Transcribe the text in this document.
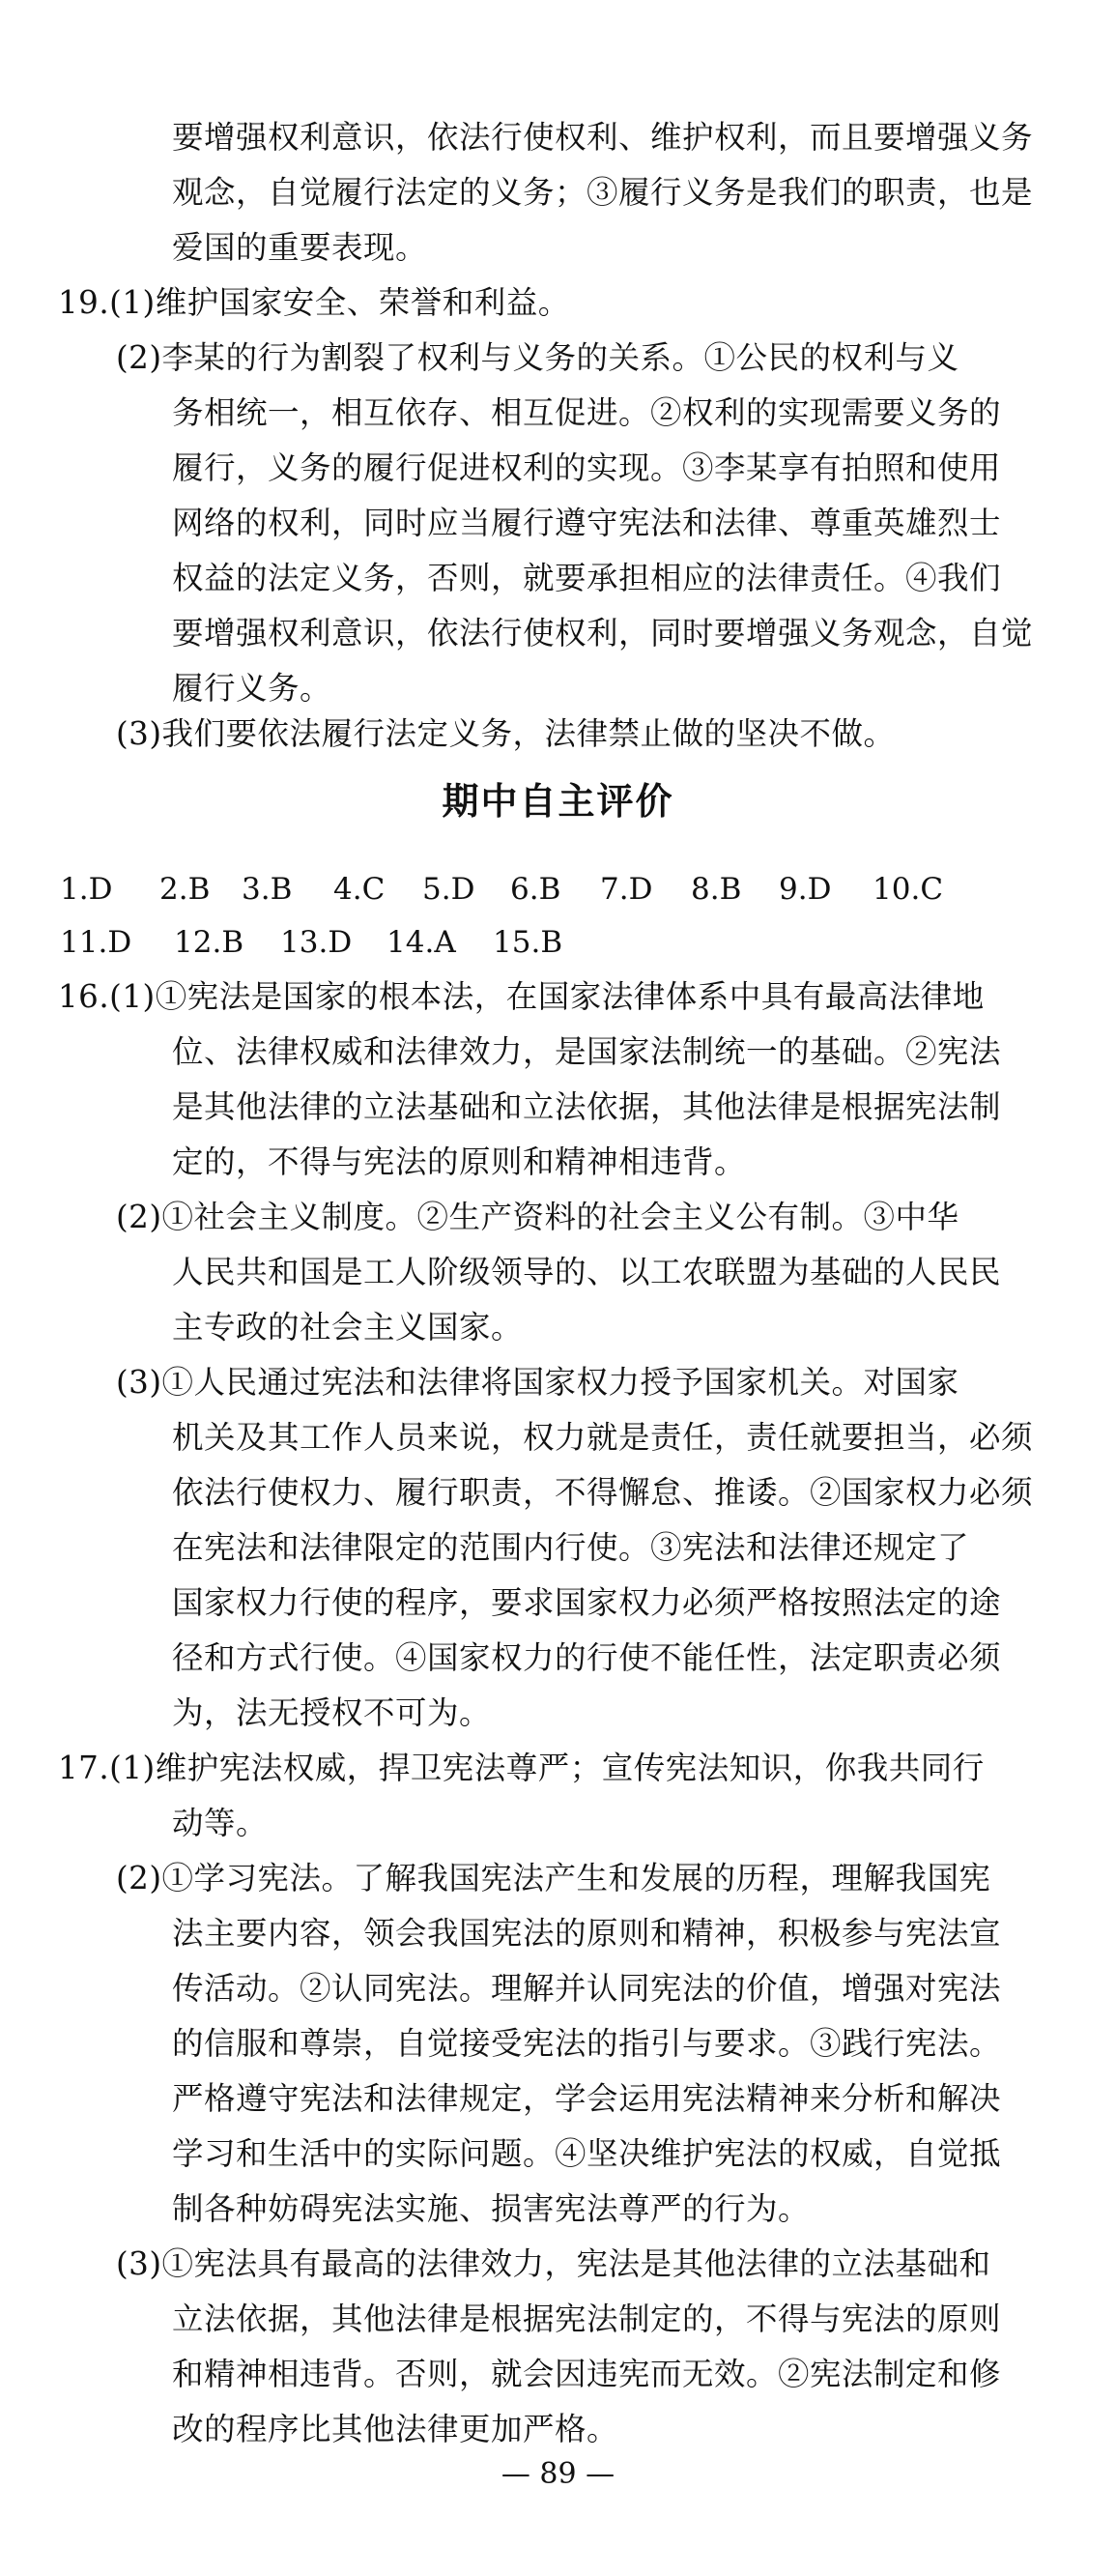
要增强权利意识，依法行使权利、维护权利，而且要增强义务
观念，自觉履行法定的义务；③履行义务是我们的职责，也是
爱国的重要表现。
19.(1)维护国家安全、荣誉和利益。
(2)李某的行为割裂了权利与义务的关系。①公民的权利与义
务相统一，相互依存、相互促进。②权利的实现需要义务的
履行，义务的履行促进权利的实现。③李某享有拍照和使用
网络的权利，同时应当履行遵守宪法和法律、尊重英雄烈士
权益的法定义务，否则，就要承担相应的法律责任。④我们
要增强权利意识，依法行使权利，同时要增强义务观念，自觉
履行义务。
(3)我们要依法履行法定义务，法律禁止做的坚决不做。
期中自主评价
1.D 2.B 3.B 4.C 5.D 6.B 7.D 8.B 9.D 10.C
11.D 12.B 13.D 14.A 15.B
16.(1)①宪法是国家的根本法，在国家法律体系中具有最高法律地
位、法律权威和法律效力，是国家法制统一的基础。②宪法
是其他法律的立法基础和立法依据，其他法律是根据宪法制
定的，不得与宪法的原则和精神相违背。
(2)①社会主义制度。②生产资料的社会主义公有制。③中华
人民共和国是工人阶级领导的、以工农联盟为基础的人民民
主专政的社会主义国家。
(3)①人民通过宪法和法律将国家权力授予国家机关。对国家
机关及其工作人员来说，权力就是责任，责任就要担当，必须
依法行使权力、履行职责，不得懈怠、推诿。②国家权力必须
在宪法和法律限定的范围内行使。③宪法和法律还规定了
国家权力行使的程序，要求国家权力必须严格按照法定的途
径和方式行使。④国家权力的行使不能任性，法定职责必须
为，法无授权不可为。
17.(1)维护宪法权威，捍卫宪法尊严；宣传宪法知识，你我共同行
动等。
(2)①学习宪法。了解我国宪法产生和发展的历程，理解我国宪
法主要内容，领会我国宪法的原则和精神，积极参与宪法宣
传活动。②认同宪法。理解并认同宪法的价值，增强对宪法
的信服和尊崇，自觉接受宪法的指引与要求。③践行宪法。
严格遵守宪法和法律规定，学会运用宪法精神来分析和解决
学习和生活中的实际问题。④坚决维护宪法的权威，自觉抵
制各种妨碍宪法实施、损害宪法尊严的行为。
(3)①宪法具有最高的法律效力，宪法是其他法律的立法基础和
立法依据，其他法律是根据宪法制定的，不得与宪法的原则
和精神相违背。否则，就会因违宪而无效。②宪法制定和修
改的程序比其他法律更加严格。
— 89 —
